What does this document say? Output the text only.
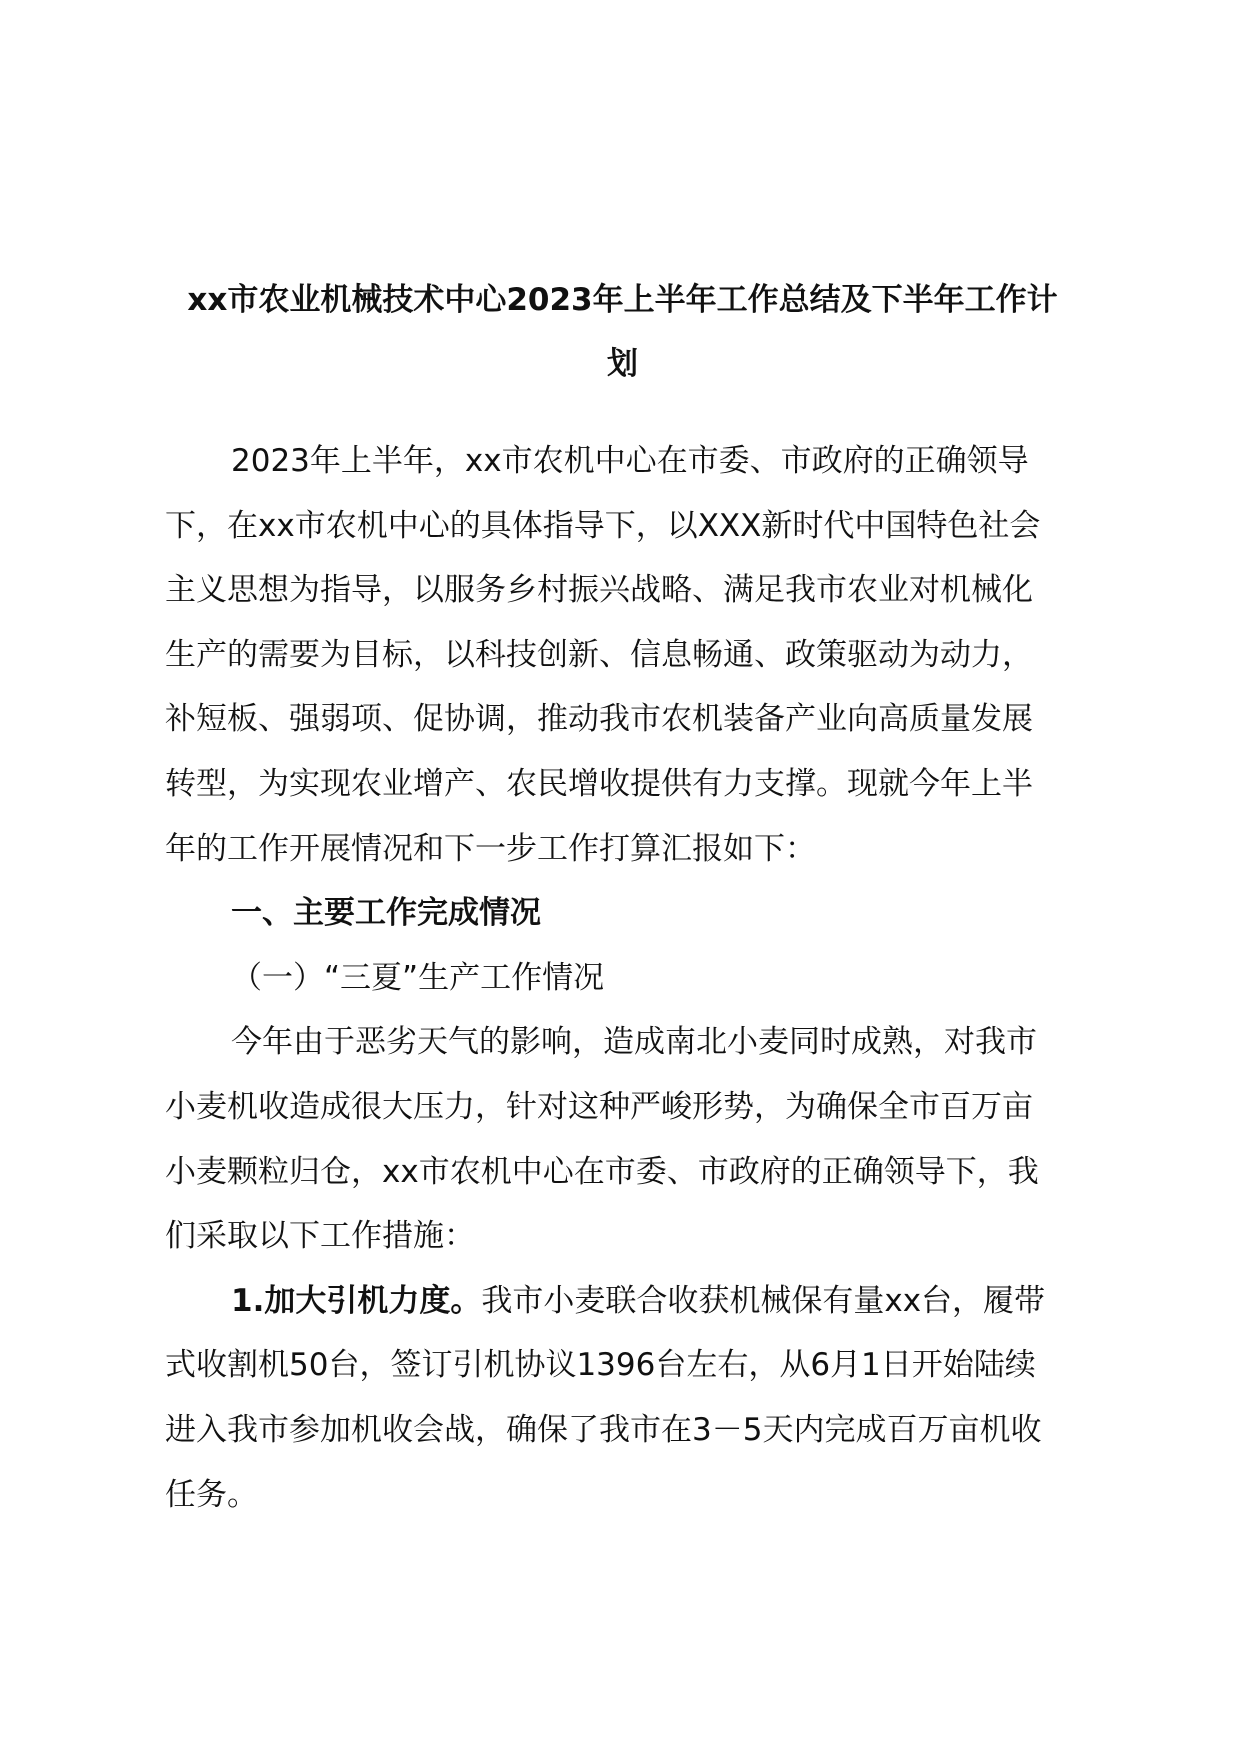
xx市农业机械技术中心2023年上半年工作总结及下半年工作计
划
2023年上半年，xx市农机中心在市委、市政府的正确领导
下，在xx市农机中心的具体指导下，以XXX新时代中国特色社会
主义思想为指导，以服务乡村振兴战略、满足我市农业对机械化
生产的需要为目标，以科技创新、信息畅通、政策驱动为动力，
补短板、强弱项、促协调，推动我市农机装备产业向高质量发展
转型，为实现农业增产、农民增收提供有力支撑。现就今年上半
年的工作开展情况和下一步工作打算汇报如下：
一、主要工作完成情况
（一）“三夏”生产工作情况
今年由于恶劣天气的影响，造成南北小麦同时成熟，对我市
小麦机收造成很大压力，针对这种严峻形势，为确保全市百万亩
小麦颗粒归仓，xx市农机中心在市委、市政府的正确领导下，我
们采取以下工作措施：
1.加大引机力度。我市小麦联合收获机械保有量xx台，履带
式收割机50台，签订引机协议1396台左右，从6月1日开始陆续
进入我市参加机收会战，确保了我市在3－5天内完成百万亩机收
任务。
